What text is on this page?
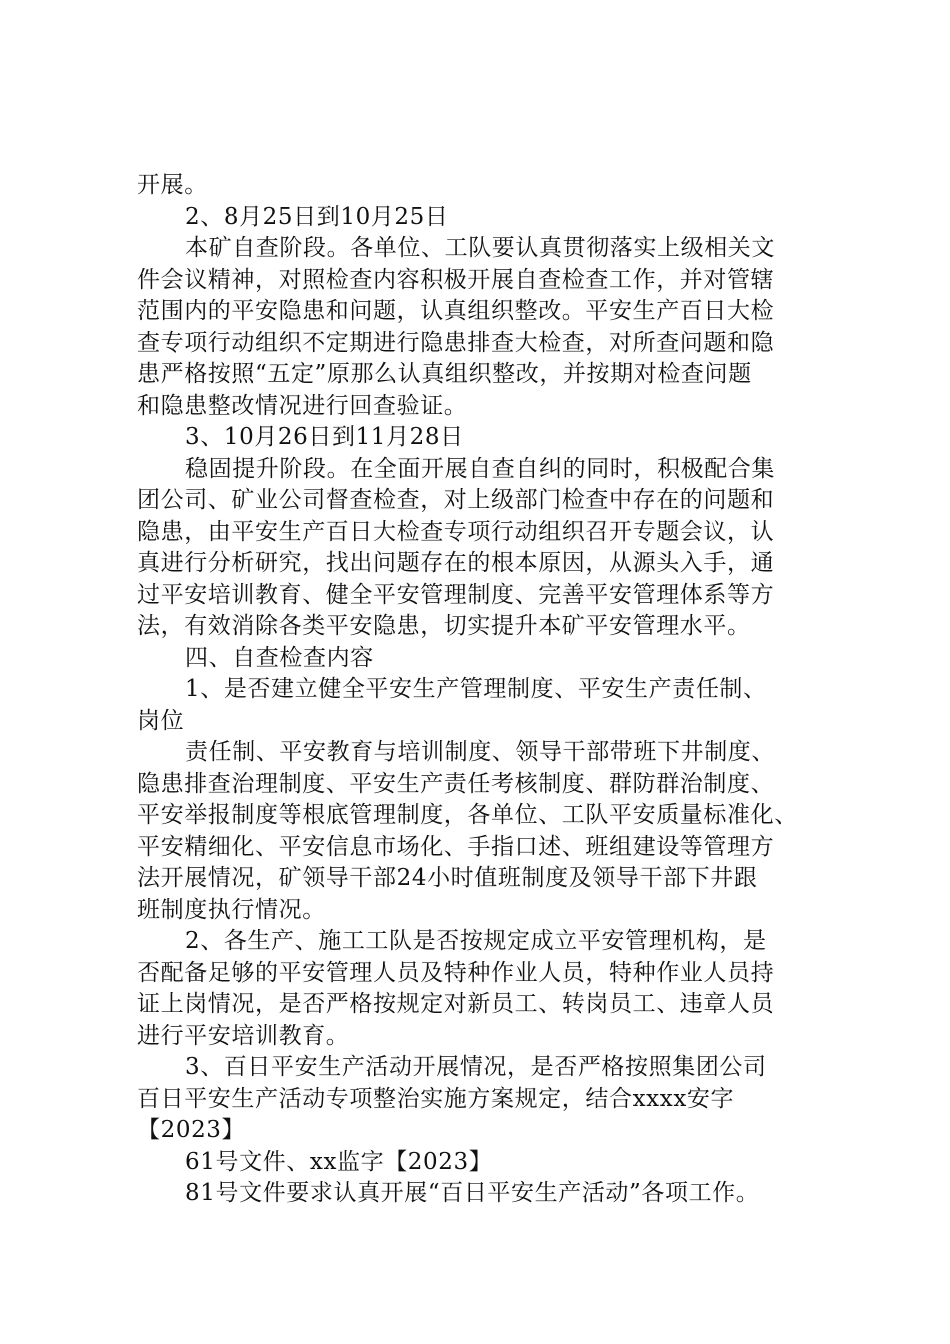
开展。
2、8月25日到10月25日
本矿自查阶段。各单位、工队要认真贯彻落实上级相关文
件会议精神，对照检查内容积极开展自查检查工作，并对管辖
范围内的平安隐患和问题，认真组织整改。平安生产百日大检
查专项行动组织不定期进行隐患排查大检查，对所查问题和隐
患严格按照“五定”原那么认真组织整改，并按期对检查问题
和隐患整改情况进行回查验证。
3、10月26日到11月28日
稳固提升阶段。在全面开展自查自纠的同时，积极配合集
团公司、矿业公司督查检查，对上级部门检查中存在的问题和
隐患，由平安生产百日大检查专项行动组织召开专题会议，认
真进行分析研究，找出问题存在的根本原因，从源头入手，通
过平安培训教育、健全平安管理制度、完善平安管理体系等方
法，有效消除各类平安隐患，切实提升本矿平安管理水平。
四、自查检查内容
1、是否建立健全平安生产管理制度、平安生产责任制、
岗位
责任制、平安教育与培训制度、领导干部带班下井制度、
隐患排查治理制度、平安生产责任考核制度、群防群治制度、
平安举报制度等根底管理制度，各单位、工队平安质量标准化、
平安精细化、平安信息市场化、手指口述、班组建设等管理方
法开展情况，矿领导干部24小时值班制度及领导干部下井跟
班制度执行情况。
2、各生产、施工工队是否按规定成立平安管理机构，是
否配备足够的平安管理人员及特种作业人员，特种作业人员持
证上岗情况，是否严格按规定对新员工、转岗员工、违章人员
进行平安培训教育。
3、百日平安生产活动开展情况，是否严格按照集团公司
百日平安生产活动专项整治实施方案规定，结合xxxx安字
【2023】
61号文件、xx监字【2023】
81号文件要求认真开展“百日平安生产活动”各项工作。
